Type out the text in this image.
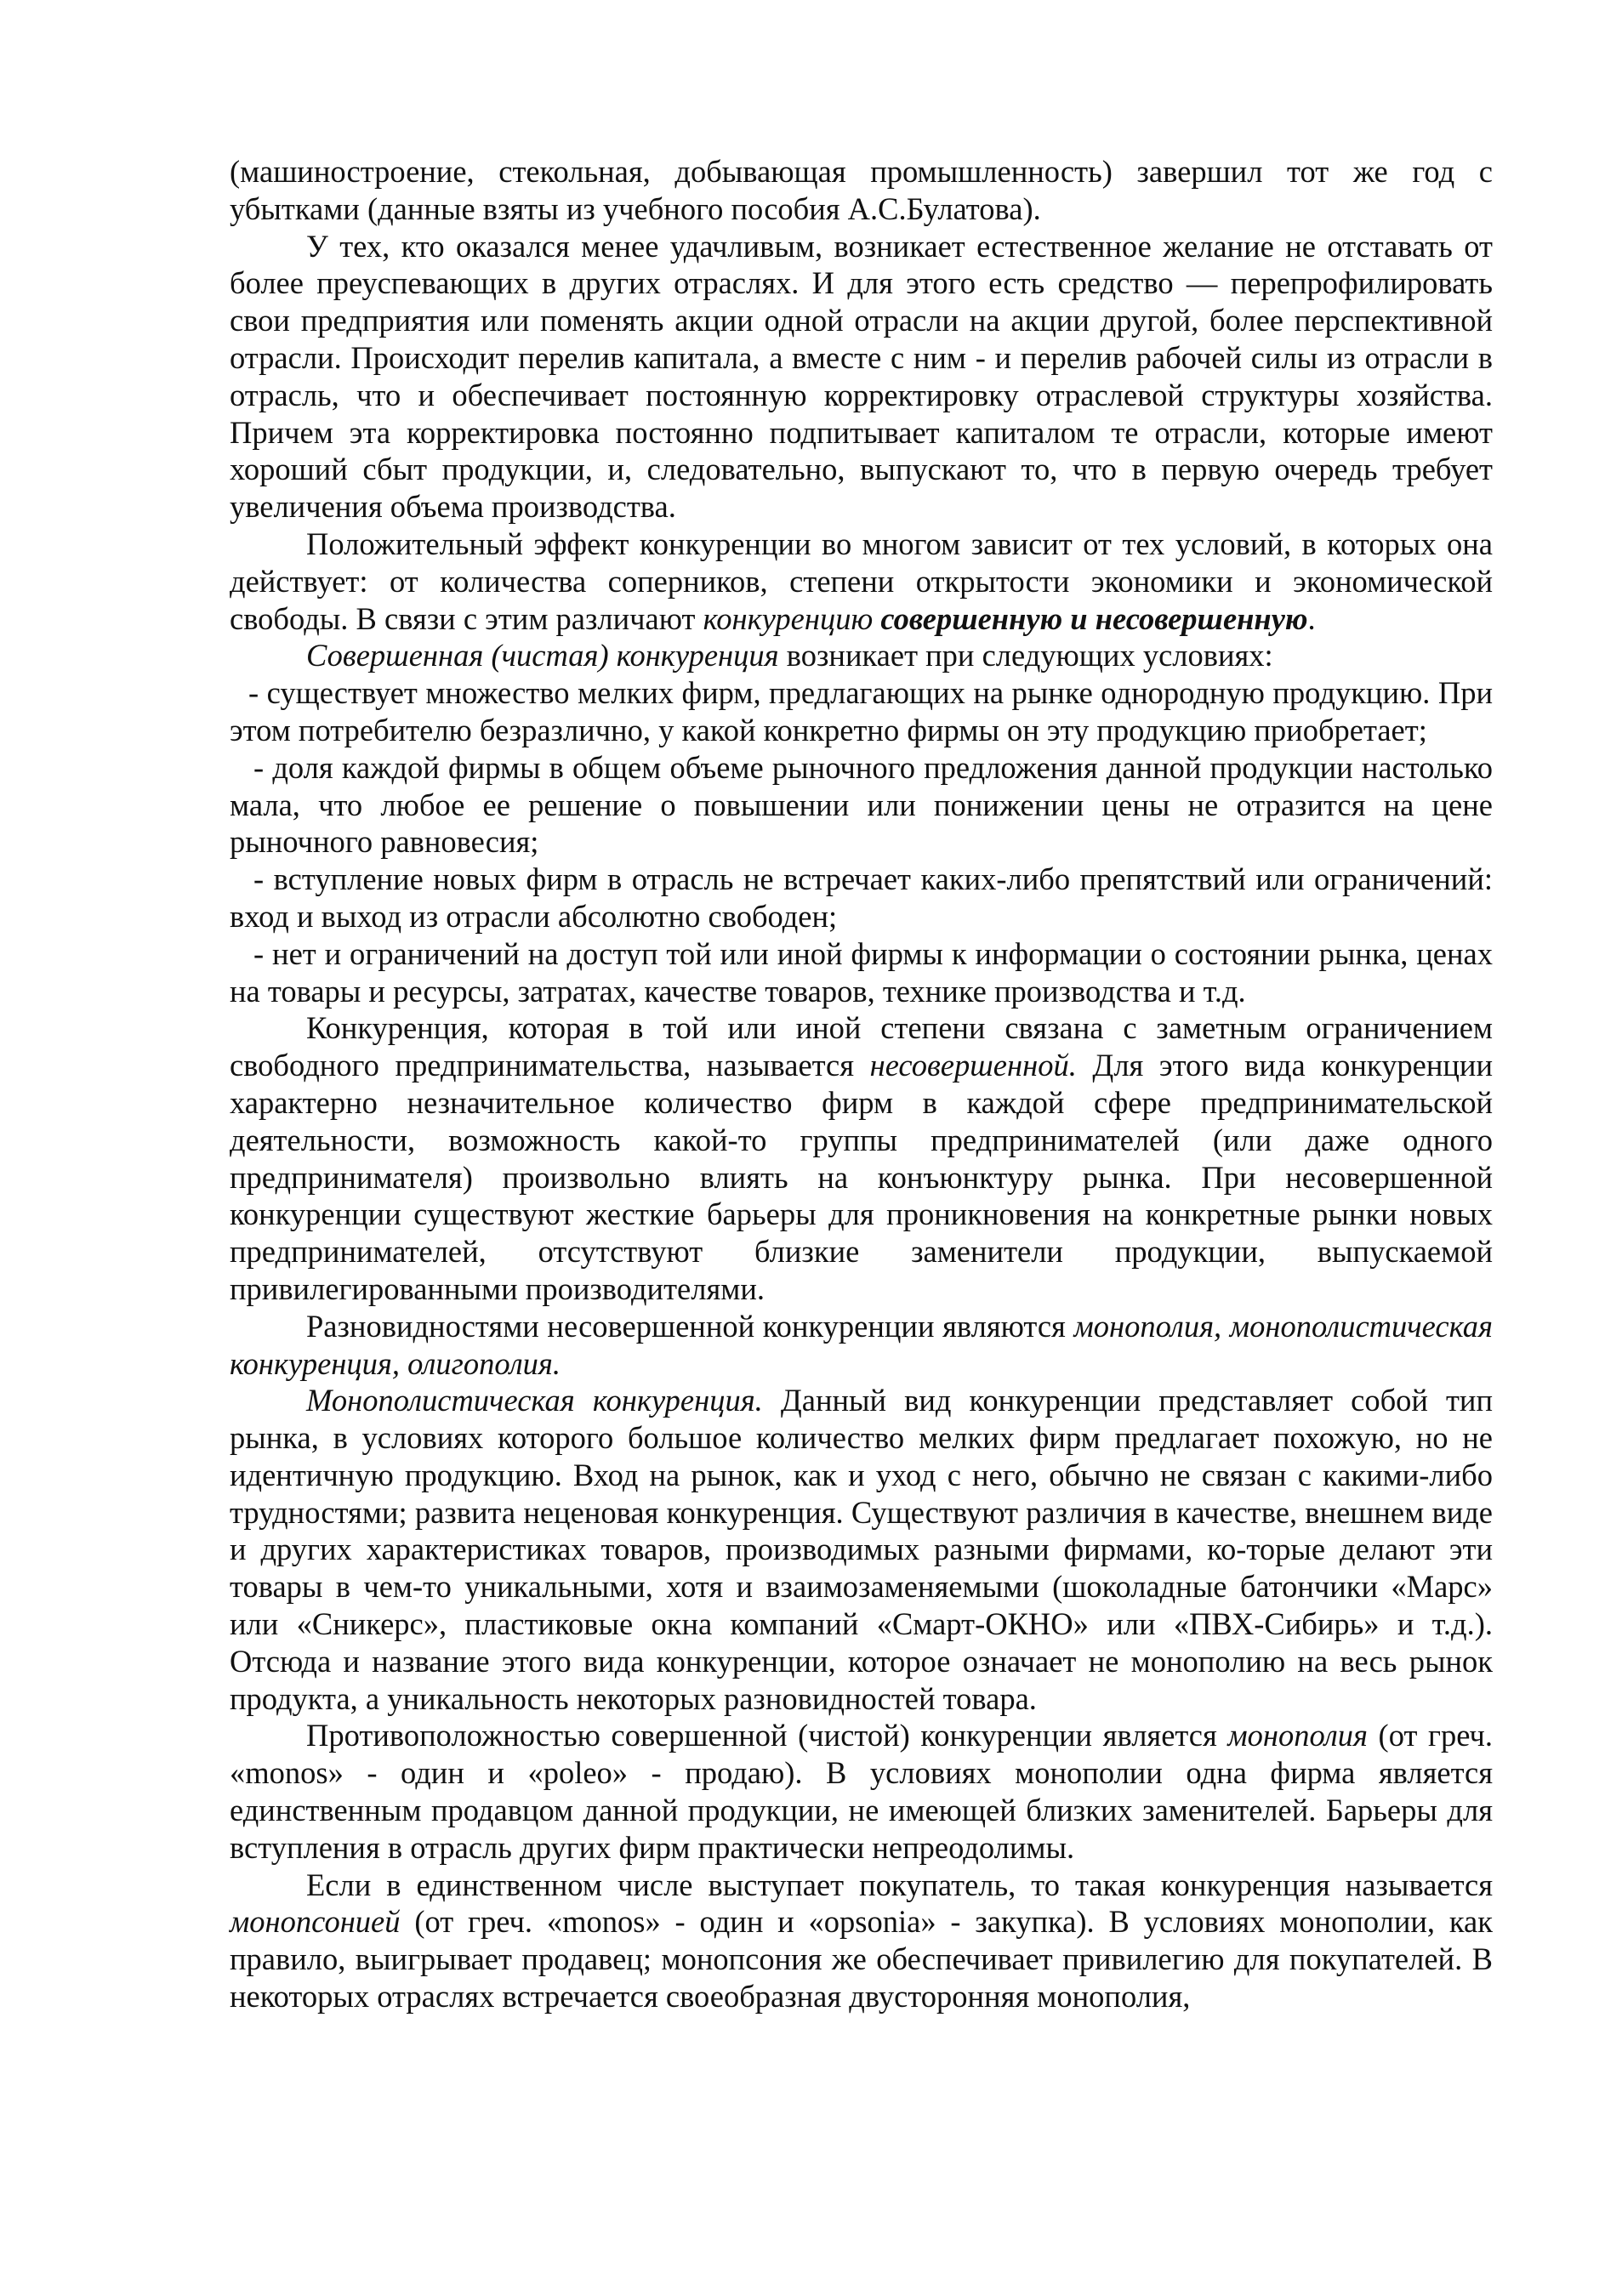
(машиностроение, стекольная, добывающая промышленность) завершил тот же год с убытками (данные взяты из учебного пособия А.С.Булатова).

У тех, кто оказался менее удачливым, возникает естественное желание не отставать от более преуспевающих в других отраслях. И для этого есть средство — перепрофилировать свои предприятия или поменять акции одной отрасли на акции другой, более перспективной отрасли. Происходит перелив капитала, а вместе с ним - и перелив рабочей силы из отрасли в отрасль, что и обеспечивает постоянную корректировку отраслевой структуры хозяйства. Причем эта корректировка постоянно подпитывает капиталом те отрасли, которые имеют хороший сбыт продукции, и, следовательно, выпускают то, что в первую очередь требует увеличения объема производства.

Положительный эффект конкуренции во многом зависит от тех условий, в которых она действует: от количества соперников, степени открытости экономики и экономической свободы. В связи с этим различают конкуренцию совершенную и несовершенную.

Совершенная (чистая) конкуренция возникает при следующих условиях:

- существует множество мелких фирм, предлагающих на рынке однородную продукцию. При этом потребителю безразлично, у какой конкретно фирмы он эту продукцию приобретает;

- доля каждой фирмы в общем объеме рыночного предложения данной продукции настолько мала, что любое ее решение о повышении или понижении цены не отразится на цене рыночного равновесия;

- вступление новых фирм в отрасль не встречает каких-либо препятствий или ограничений: вход и выход из отрасли абсолютно свободен;

- нет и ограничений на доступ той или иной фирмы к информации о состоянии рынка, ценах на товары и ресурсы, затратах, качестве товаров, технике производства и т.д.

Конкуренция, которая в той или иной степени связана с заметным ограничением свободного предпринимательства, называется несовершенной. Для этого вида конкуренции характерно незначительное количество фирм в каждой сфере предпринимательской деятельности, возможность какой-то группы предпринимателей (или даже одного предпринимателя) произвольно влиять на конъюнктуру рынка. При несовершенной конкуренции существуют жесткие барьеры для проникновения на конкретные рынки новых предпринимателей, отсутствуют близкие заменители продукции, выпускаемой привилегированными производителями.

Разновидностями несовершенной конкуренции являются монополия, монополистическая конкуренция, олигополия.

Монополистическая конкуренция. Данный вид конкуренции представляет собой тип рынка, в условиях которого большое количество мелких фирм предлагает похожую, но не идентичную продукцию. Вход на рынок, как и уход с него, обычно не связан с какими-либо трудностями; развита неценовая конкуренция. Существуют различия в качестве, внешнем виде и других характеристиках товаров, производимых разными фирмами, ко-торые делают эти товары в чем-то уникальными, хотя и взаимозаменяемыми (шоколадные батончики «Марс» или «Сникерс», пластиковые окна компаний «Смарт-ОКНО» или «ПВХ-Сибирь» и т.д.). Отсюда и название этого вида конкуренции, которое означает не монополию на весь рынок продукта, а уникальность некоторых разновидностей товара.

Противоположностью совершенной (чистой) конкуренции является монополия (от греч. «monos» - один и «poleo» - продаю). В условиях монополии одна фирма является единственным продавцом данной продукции, не имеющей близких заменителей. Барьеры для вступления в отрасль других фирм практически непреодолимы.

Если в единственном числе выступает покупатель, то такая конкуренция называется монопсонией (от греч. «monos» - один и «opsonia» - закупка). В условиях монополии, как правило, выигрывает продавец; монопсония же обеспечивает привилегию для покупателей. В некоторых отраслях встречается своеобразная двусторонняя монополия,
